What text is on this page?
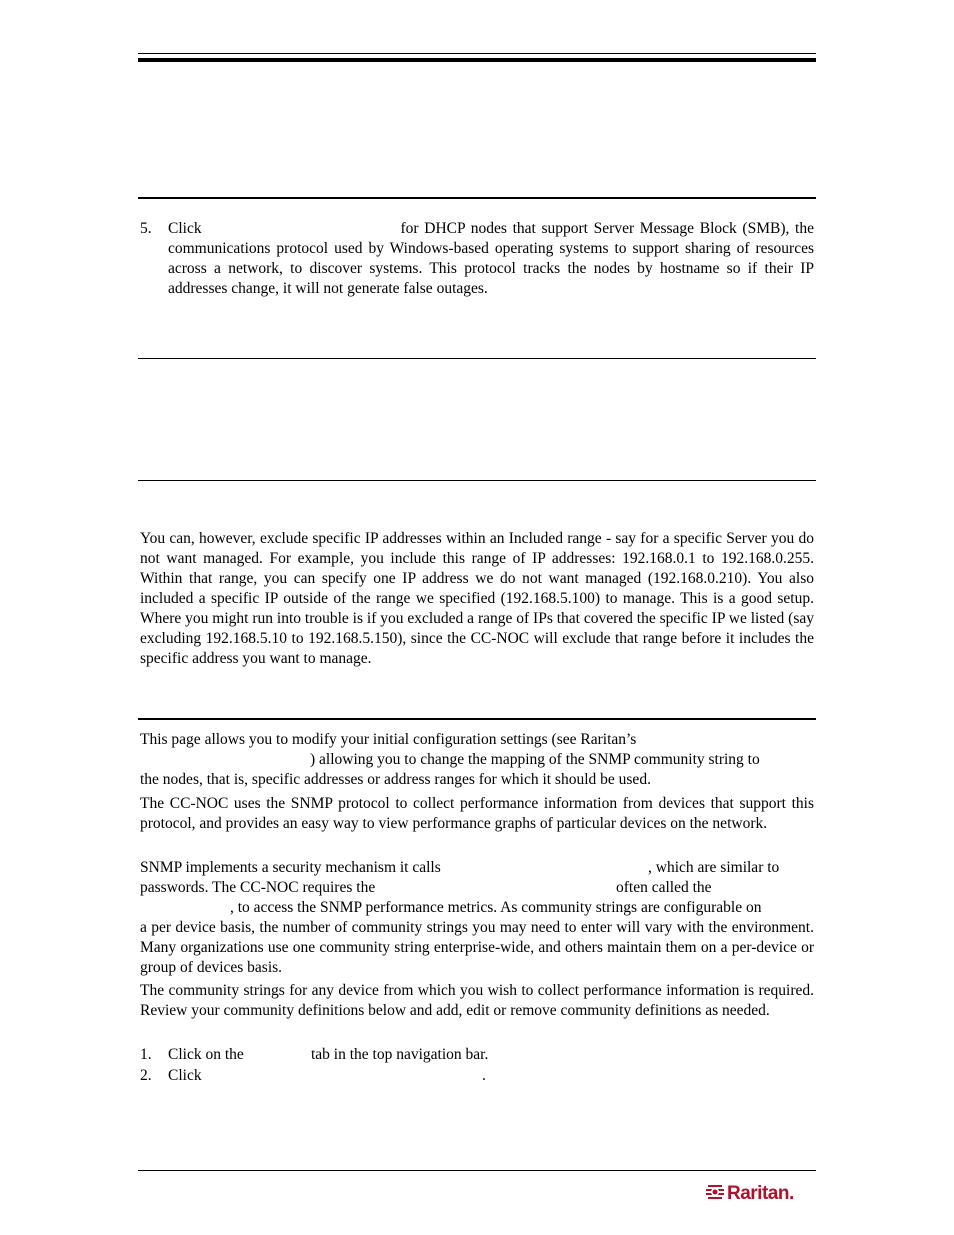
5. Click                                   for DHCP nodes that support Server Message Block (SMB), the communications protocol used by Windows-based operating systems to support sharing of resources across a network, to discover systems. This protocol tracks the nodes by hostname so if their IP addresses change, it will not generate false outages.

You can, however, exclude specific IP addresses within an Included range - say for a specific Server you do not want managed. For example, you include this range of IP addresses: 192.168.0.1 to 192.168.0.255. Within that range, you can specify one IP address we do not want managed (192.168.0.210). You also included a specific IP outside of the range we specified (192.168.5.100) to manage. This is a good setup. Where you might run into trouble is if you excluded a range of IPs that covered the specific IP we listed (say excluding 192.168.5.10 to 192.168.5.150), since the CC-NOC will exclude that range before it includes the specific address you want to manage.

This page allows you to modify your initial configuration settings (see Raritan’s
) allowing you to change the mapping of the SNMP community string to
the nodes, that is, specific addresses or address ranges for which it should be used.

The CC-NOC uses the SNMP protocol to collect performance information from devices that support this protocol, and provides an easy way to view performance graphs of particular devices on the network.

SNMP implements a security mechanism it calls	, which are similar to
passwords. The CC-NOC requires the	often called the
, to access the SNMP performance metrics. As community strings are configurable on

a per device basis, the number of community strings you may need to enter will vary with the environment. Many organizations use one community string enterprise-wide, and others maintain them on a per-device or group of devices basis.

The community strings for any device from which you wish to collect performance information is required. Review your community definitions below and add, edit or remove community definitions as needed.

1. Click on the	tab in the top navigation bar.
2. Click	.
Raritan.
